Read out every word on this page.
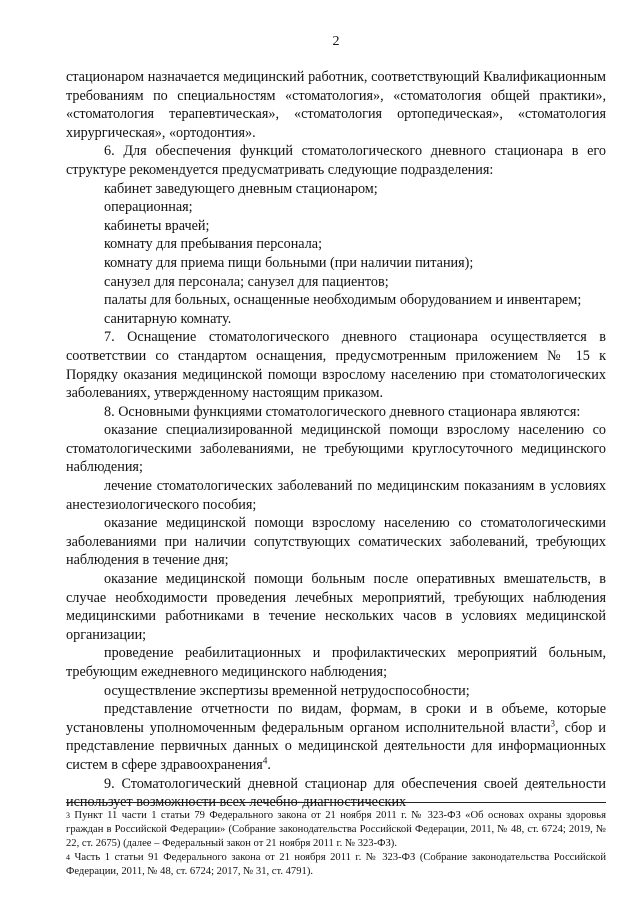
2

стационаром назначается медицинский работник, соответствующий Квалификационным требованиям по специальностям «стоматология», «стоматология общей практики», «стоматология терапевтическая», «стоматология ортопедическая», «стоматология хирургическая», «ортодонтия».

6. Для обеспечения функций стоматологического дневного стационара в его структуре рекомендуется предусматривать следующие подразделения:

кабинет заведующего дневным стационаром;

операционная;

кабинеты врачей;

комнату для пребывания персонала;

комнату для приема пищи больными (при наличии питания);

санузел для персонала; санузел для пациентов;

палаты для больных, оснащенные необходимым оборудованием и инвентарем;

санитарную комнату.

7. Оснащение стоматологического дневного стационара осуществляется в соответствии со стандартом оснащения, предусмотренным приложением № 15 к Порядку оказания медицинской помощи взрослому населению при стоматологических заболеваниях, утвержденному настоящим приказом.

8. Основными функциями стоматологического дневного стационара являются:

оказание специализированной медицинской помощи взрослому населению со стоматологическими заболеваниями, не требующими круглосуточного медицинского наблюдения;

лечение стоматологических заболеваний по медицинским показаниям в условиях анестезиологического пособия;

оказание медицинской помощи взрослому населению со стоматологическими заболеваниями при наличии сопутствующих соматических заболеваний, требующих наблюдения в течение дня;

оказание медицинской помощи больным после оперативных вмешательств, в случае необходимости проведения лечебных мероприятий, требующих наблюдения медицинскими работниками в течение нескольких часов в условиях медицинской организации;

проведение реабилитационных и профилактических мероприятий больным, требующим ежедневного медицинского наблюдения;

осуществление экспертизы временной нетрудоспособности;

представление отчетности по видам, формам, в сроки и в объеме, которые установлены уполномоченным федеральным органом исполнительной власти$^3$, сбор и представление первичных данных о медицинской деятельности для информационных систем в сфере здравоохранения$^4$.

9. Стоматологический дневной стационар для обеспечения своей деятельности использует возможности всех лечебно-диагностических

$^3$ Пункт 11 части 1 статьи 79 Федерального закона от 21 ноября 2011 г. № 323-ФЗ «Об основах охраны здоровья граждан в Российской Федерации» (Собрание законодательства Российской Федерации, 2011, № 48, ст. 6724; 2019, № 22, ст. 2675) (далее – Федеральный закон от 21 ноября 2011 г. № 323-ФЗ).

$^4$ Часть 1 статьи 91 Федерального закона от 21 ноября 2011 г. № 323-ФЗ (Собрание законодательства Российской Федерации, 2011, № 48, ст. 6724; 2017, № 31, ст. 4791).
